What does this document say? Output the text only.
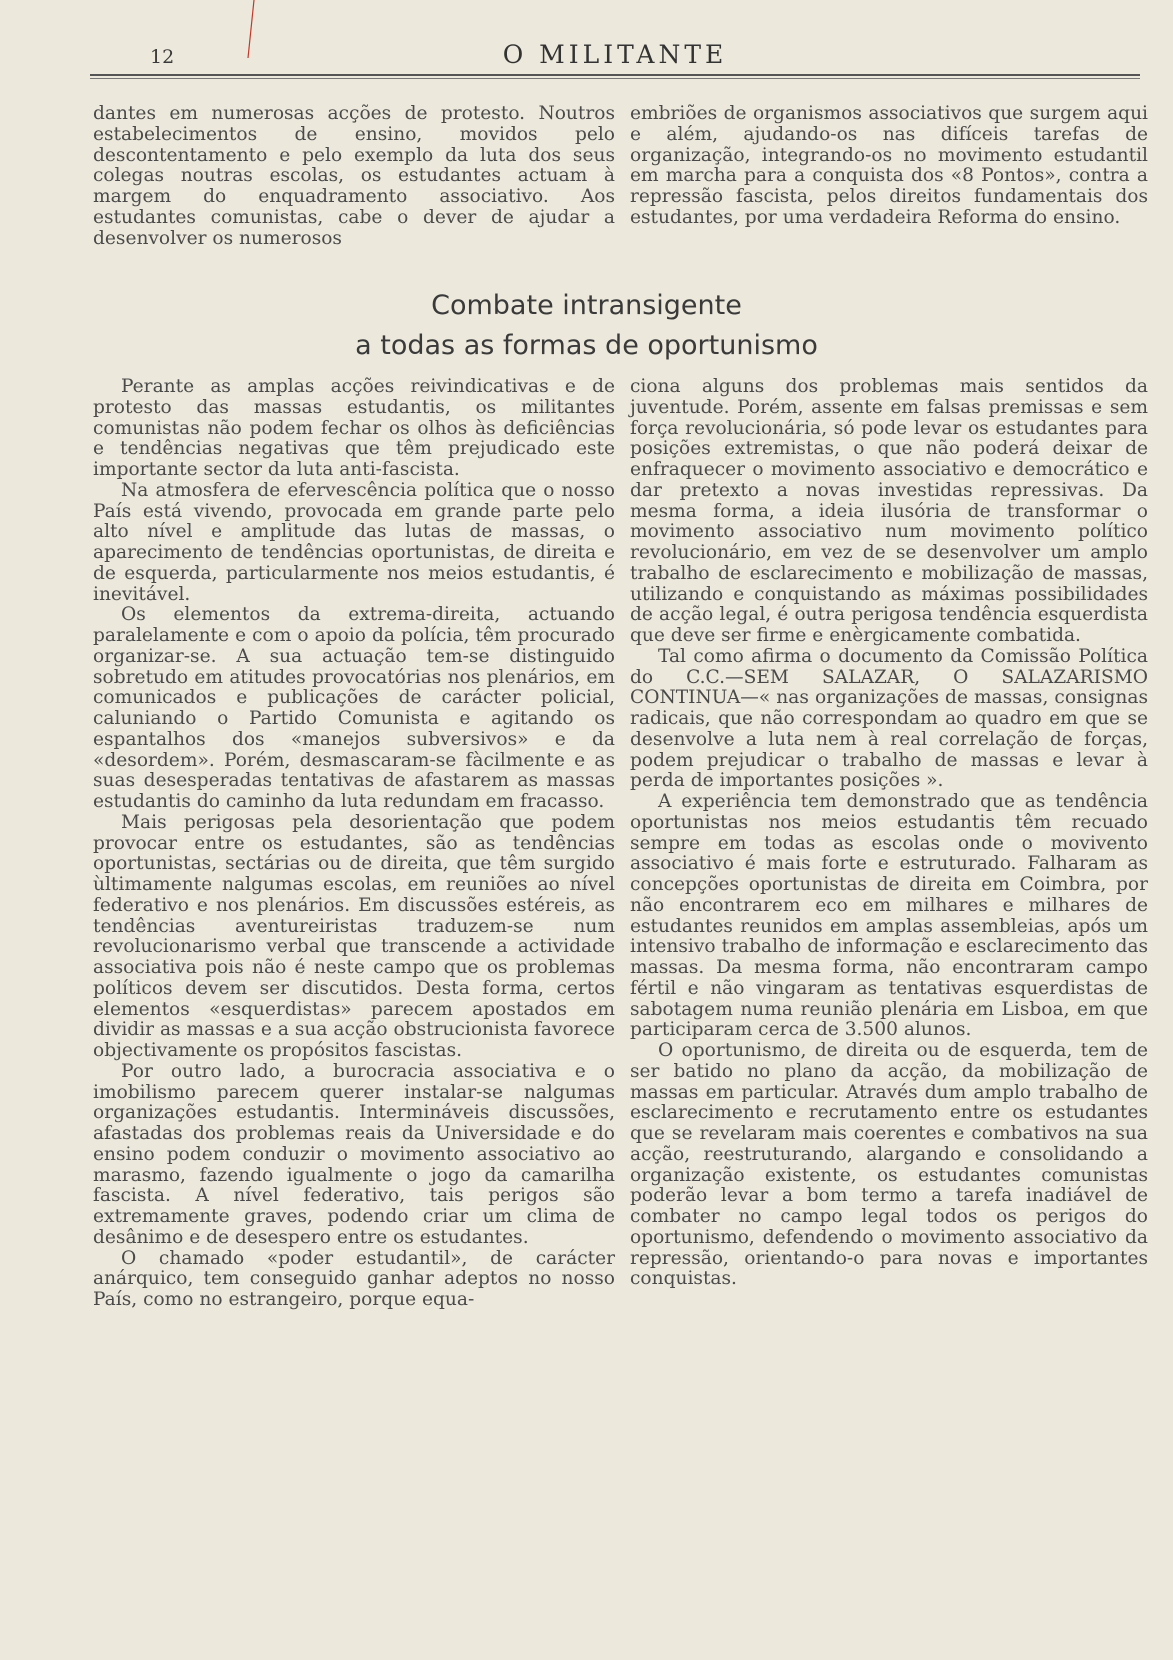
12	O MILITANTE

dantes em numerosas acções de protesto. Noutros estabelecimentos de ensino, movidos pelo descontentamento e pelo exemplo da luta dos seus colegas noutras escolas, os estudantes actuam à margem do enquadramento associativo. Aos estudantes comunistas, cabe o dever de ajudar a desenvolver os numerosos

embriões de organismos associativos que surgem aqui e além, ajudando-os nas difíceis tarefas de organização, integrando-os no movimento estudantil em marcha para a conquista dos «8 Pontos», contra a repressão fascista, pelos direitos fundamentais dos estudantes, por uma verdadeira Reforma do ensino.

Combate intransigente
a todas as formas de oportunismo

Perante as amplas acções reivindicativas e de protesto das massas estudantis, os militantes comunistas não podem fechar os olhos às deficiências e tendências negativas que têm prejudicado este importante sector da luta anti-fascista.

Na atmosfera de efervescência política que o nosso País está vivendo, provocada em grande parte pelo alto nível e amplitude das lutas de massas, o aparecimento de tendências oportunistas, de direita e de esquerda, particularmente nos meios estudantis, é inevitável.

Os elementos da extrema-direita, actuando paralelamente e com o apoio da polícia, têm procurado organizar-se. A sua actuação tem-se distinguido sobretudo em atitudes provocatórias nos plenários, em comunicados e publicações de carácter policial, caluniando o Partido Comunista e agitando os espantalhos dos «manejos subversivos» e da «desordem». Porém, desmascaram-se fàcilmente e as suas desesperadas tentativas de afastarem as massas estudantis do caminho da luta redundam em fracasso.

Mais perigosas pela desorientação que podem provocar entre os estudantes, são as tendências oportunistas, sectárias ou de direita, que têm surgido ùltimamente nalgumas escolas, em reuniões ao nível federativo e nos plenários. Em discussões estéreis, as tendências aventureiristas traduzem-se num revolucionarismo verbal que transcende a actividade associativa pois não é neste campo que os problemas políticos devem ser discutidos. Desta forma, certos elementos «esquerdistas» parecem apostados em dividir as massas e a sua acção obstrucionista favorece objectivamente os propósitos fascistas.

Por outro lado, a burocracia associativa e o imobilismo parecem querer instalar-se nalgumas organizações estudantis. Intermináveis discussões, afastadas dos problemas reais da Universidade e do ensino podem conduzir o movimento associativo ao marasmo, fazendo igualmente o jogo da camarilha fascista. A nível federativo, tais perigos são extremamente graves, podendo criar um clima de desânimo e de desespero entre os estudantes.

O chamado «poder estudantil», de carácter anárquico, tem conseguido ganhar adeptos no nosso País, como no estrangeiro, porque equa-

ciona alguns dos problemas mais sentidos da juventude. Porém, assente em falsas premissas e sem força revolucionária, só pode levar os estudantes para posições extremistas, o que não poderá deixar de enfraquecer o movimento associativo e democrático e dar pretexto a novas investidas repressivas. Da mesma forma, a ideia ilusória de transformar o movimento associativo num movimento político revolucionário, em vez de se desenvolver um amplo trabalho de esclarecimento e mobilização de massas, utilizando e conquistando as máximas possibilidades de acção legal, é outra perigosa tendência esquerdista que deve ser firme e enèrgicamente combatida.

Tal como afirma o documento da Comissão Política do C.C.—SEM SALAZAR, O SALAZARISMO CONTINUA—« nas organizações de massas, consignas radicais, que não correspondam ao quadro em que se desenvolve a luta nem à real correlação de forças, podem prejudicar o trabalho de massas e levar à perda de importantes posições ».

A experiência tem demonstrado que as tendência oportunistas nos meios estudantis têm recuado sempre em todas as escolas onde o movivento associativo é mais forte e estruturado. Falharam as concepções oportunistas de direita em Coimbra, por não encontrarem eco em milhares e milhares de estudantes reunidos em amplas assembleias, após um intensivo trabalho de informação e esclarecimento das massas. Da mesma forma, não encontraram campo fértil e não vingaram as tentativas esquerdistas de sabotagem numa reunião plenária em Lisboa, em que participaram cerca de 3.500 alunos.

O oportunismo, de direita ou de esquerda, tem de ser batido no plano da acção, da mobilização de massas em particular. Através dum amplo trabalho de esclarecimento e recrutamento entre os estudantes que se revelaram mais coerentes e combativos na sua acção, reestruturando, alargando e consolidando a organização existente, os estudantes comunistas poderão levar a bom termo a tarefa inadiável de combater no campo legal todos os perigos do oportunismo, defendendo o movimento associativo da repressão, orientando-o para novas e importantes conquistas.
